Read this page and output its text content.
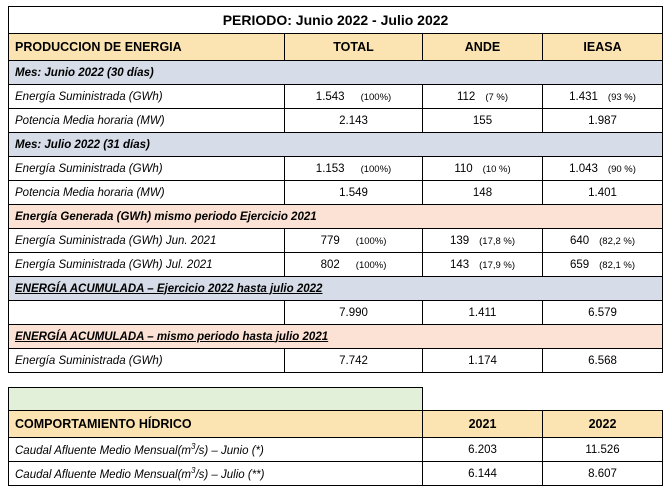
PERIODO: Junio 2022 - Julio 2022			

PRODUCCION DE ENERGIA	TOTAL	ANDE	IEASA

Mes: Junio 2022 (30 días)			

Energía Suministrada (GWh)	1.543 (100%)	112 (7 %)	1.431 (93 %)

Potencia Media horaria (MW)	2.143	155	1.987

Mes: Julio 2022 (31 días)			

Energía Suministrada (GWh)	1.153 (100%)	110 (10 %)	1.043 (90 %)

Potencia Media horaria (MW)	1.549	148	1.401

Energía Generada (GWh) mismo periodo Ejercicio 2021			

Energía Suministrada (GWh) Jun. 2021	779 (100%)	139 (17,8 %)	640 (82,2 %)

Energía Suministrada (GWh) Jul. 2021	802 (100%)	143 (17,9 %)	659 (82,1 %)

ENERGÍA ACUMULADA – Ejercicio 2022 hasta julio 2022			

	7.990	1.411	6.579

ENERGÍA ACUMULADA – mismo periodo hasta julio 2021			

Energía Suministrada (GWh)	7.742	1.174	6.568

COMPORTAMIENTO HÍDRICO	2021	2022

Caudal Afluente Medio $Mensual(m^3/s)$ – Junio (*)	6.203	11.526

Caudal Afluente Medio $Mensual(m^3/s)$ – Julio (**)	6.144	8.607
